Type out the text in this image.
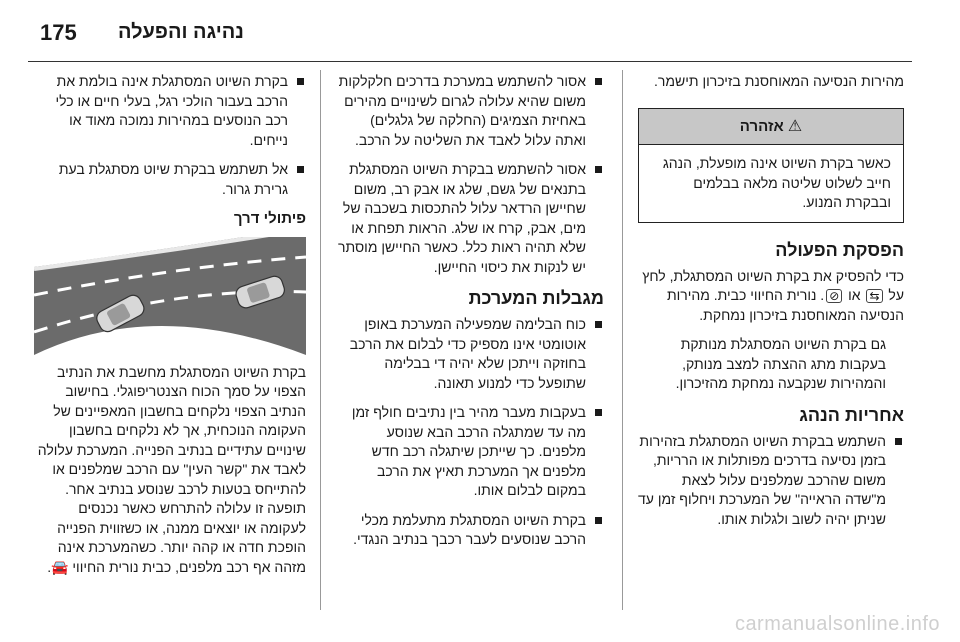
175 נהיגה והפעלה

מהירות הנסיעה המאוחסנת בזיכרון תישמר.

⚠ אזהרה
כאשר בקרת השיוט אינה מופעלת, הנהג חייב לשלוט שליטה מלאה בבלמים ובבקרת המנוע.
הפסקת הפעולה

כדי להפסיק את בקרת השיוט המסתגלת, לחץ על ⇆ או ⊘. נורית החיווי כבית. מהירות הנסיעה המאוחסנת בזיכרון נמחקת.

גם בקרת השיוט המסתגלת מנותקת בעקבות מתג ההצתה למצב מנותק, והמהירות שנקבעה נמחקת מהזיכרון.

אחריות הנהג
השתמש בבקרת השיוט המסתגלת בזהירות בזמן נסיעה בדרכים מפותלות או הרריות, משום שהרכב שמלפנים עלול לצאת מ"שדה הראייה" של המערכת ויחלוף זמן עד שניתן יהיה לשוב ולגלות אותו.
אסור להשתמש במערכת בדרכים חלקלקות משום שהיא עלולה לגרום לשינויים מהירים באחיזת הצמיגים (החלקה של גלגלים) ואתה עלול לאבד את השליטה על הרכב.
אסור להשתמש בבקרת השיוט המסתגלת בתנאים של גשם, שלג או אבק רב, משום שחיישן הרדאר עלול להתכסות בשכבה של מים, אבק, קרח או שלג. הראות תפחת או שלא תהיה ראות כלל. כאשר החיישן מוסתר יש לנקות את כיסוי החיישן.
מגבלות המערכת
כוח הבלימה שמפעילה המערכת באופן אוטומטי אינו מספיק כדי לבלום את הרכב בחוזקה וייתכן שלא יהיה די בבלימה שתופעל כדי למנוע תאונה.
בעקבות מעבר מהיר בין נתיבים חולף זמן מה עד שמתגלה הרכב הבא שנוסע מלפנים. כך שייתכן שיתגלה רכב חדש מלפנים אך המערכת תאיץ את הרכב במקום לבלום אותו.
בקרת השיוט המסתגלת מתעלמת מכלי הרכב שנוסעים לעבר רכבך בנתיב הנגדי.
בקרת השיוט המסתגלת אינה בולמת את הרכב בעבור הולכי רגל, בעלי חיים או כלי רכב הנוסעים במהירות נמוכה מאוד או נייחים.
אל תשתמש בבקרת שיוט מסתגלת בעת גרירת גרור.
פיתולי דרך

בקרת השיוט המסתגלת מחשבת את הנתיב הצפוי על סמך הכוח הצנטריפוגלי. בחישוב הנתיב הצפוי נלקחים בחשבון המאפיינים של העקומה הנוכחית, אך לא נלקחים בחשבון שינויים עתידיים בנתיב הפנייה. המערכת עלולה לאבד את "קשר העין" עם הרכב שמלפנים או להתייחס בטעות לרכב שנוסע בנתיב אחר. תופעה זו עלולה להתרחש כאשר נכנסים לעקומה או יוצאים ממנה, או כשזווית הפנייה הופכת חדה או קהה יותר. כשהמערכת אינה מזהה אף רכב מלפנים, כבית נורית החיווי 🚘.

carmanualsonline.info
